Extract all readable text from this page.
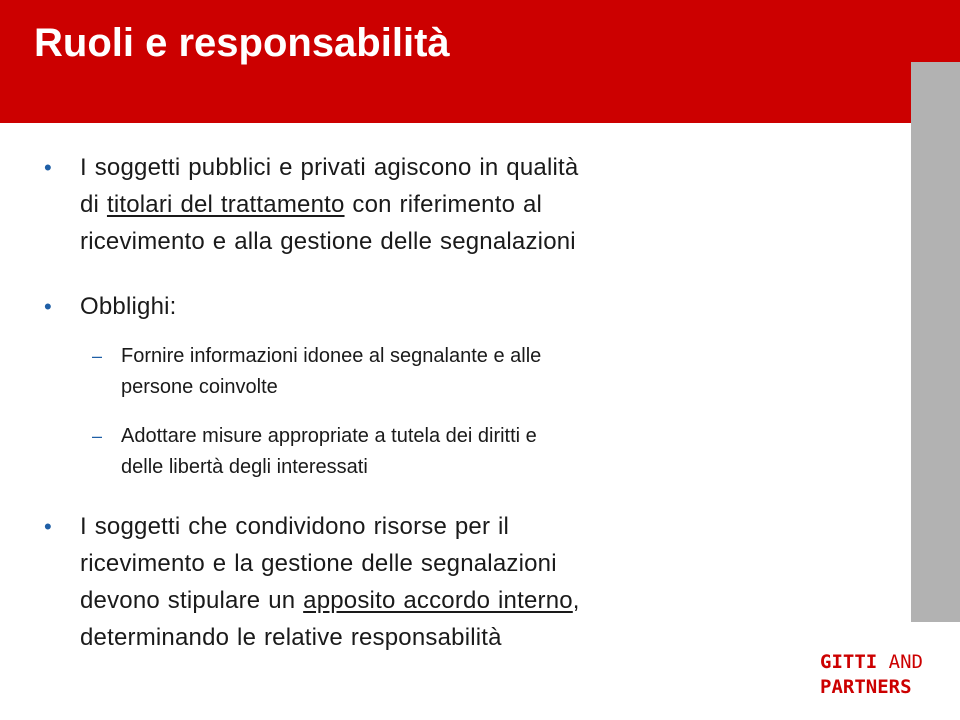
Ruoli e responsabilità
• I soggetti pubblici e privati agiscono in qualità
di titolari del trattamento con riferimento al
ricevimento e alla gestione delle segnalazioni
• Obblighi:
– Fornire informazioni idonee al segnalante e alle
persone coinvolte
– Adottare misure appropriate a tutela dei diritti e
delle libertà degli interessati
• I soggetti che condividono risorse per il
ricevimento e la gestione delle segnalazioni
devono stipulare un apposito accordo interno,
determinando le relative responsabilità
GITTI AND
PARTNERS
